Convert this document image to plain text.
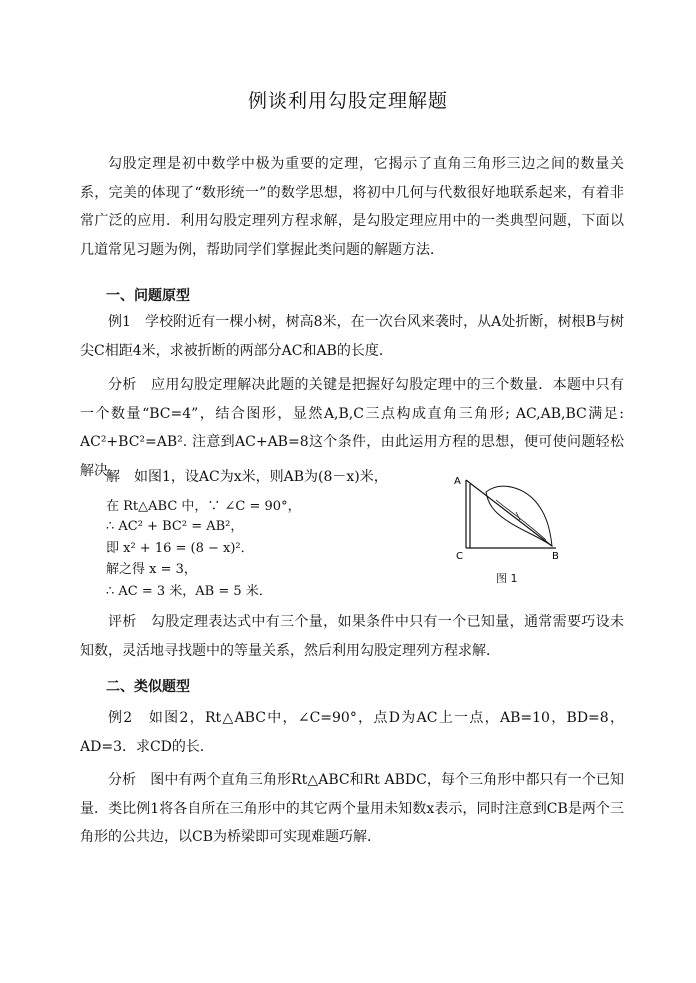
例谈利用勾股定理解题
勾股定理是初中数学中极为重要的定理，它揭示了直角三角形三边之间的数量关系，完美的体现了“数形统一”的数学思想，将初中几何与代数很好地联系起来，有着非常广泛的应用．利用勾股定理列方程求解，是勾股定理应用中的一类典型问题，下面以几道常见习题为例，帮助同学们掌握此类问题的解题方法．
一、问题原型
例1　学校附近有一棵小树，树高8米，在一次台风来袭时，从A处折断，树根B与树尖C相距4米，求被折断的两部分AC和AB的长度．
分析　应用勾股定理解决此题的关键是把握好勾股定理中的三个数量．本题中只有一个数量“BC=4”，结合图形，显然A,B,C三点构成直角三角形; AC,AB,BC满足: AC²+BC²=AB². 注意到AC+AB=8这个条件，由此运用方程的思想，便可使问题轻松解决．
解　如图1，设AC为x米，则AB为(8－x)米，
在 Rt△ABC 中，∵ ∠C = 90°，
∴ AC² + BC² = AB²，
即 x² + 16 = (8 − x)²．
解之得 x = 3，
∴ AC = 3 米，AB = 5 米．
A
C	B
图 1
评析　勾股定理表达式中有三个量，如果条件中只有一个已知量，通常需要巧设未知数，灵活地寻找题中的等量关系，然后利用勾股定理列方程求解．
二、类似题型
例2　如图2，Rt△ABC中，∠C=90°，点D为AC上一点，AB=10，BD=8，AD=3．求CD的长．
分析　图中有两个直角三角形Rt△ABC和Rt ABDC，每个三角形中都只有一个已知量．类比例1将各自所在三角形中的其它两个量用未知数x表示，同时注意到CB是两个三角形的公共边，以CB为桥梁即可实现难题巧解．
